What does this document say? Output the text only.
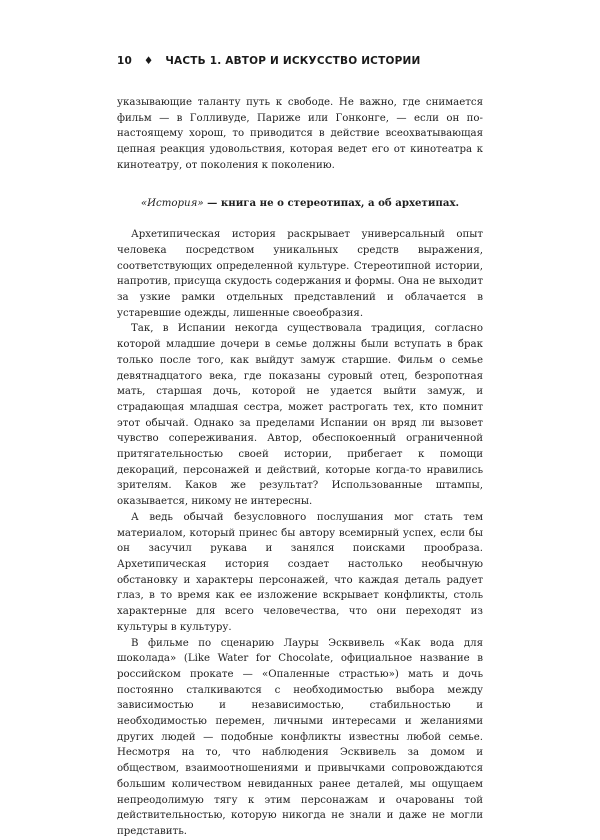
10 ♦ ЧАСТЬ 1. АВТОР И ИСКУССТВО ИСТОРИИ

указывающие таланту путь к свободе. Не важно, где снимается фильм — в Голливуде, Париже или Гонконге, — если он по-настоящему хорош, то приводится в действие всеохватывающая цепная реакция удовольствия, которая ведет его от кинотеатра к кинотеатру, от поколения к поколению.

«История» — книга не о стереотипах, а об архетипах.

Архетипическая история раскрывает универсальный опыт человека посредством уникальных средств выражения, соответствующих определенной культуре. Стереотипной истории, напротив, присуща скудость содержания и формы. Она не выходит за узкие рамки отдельных представлений и облачается в устаревшие одежды, лишенные своеобразия.

Так, в Испании некогда существовала традиция, согласно которой младшие дочери в семье должны были вступать в брак только после того, как выйдут замуж старшие. Фильм о семье девятнадцатого века, где показаны суровый отец, безропотная мать, старшая дочь, которой не удается выйти замуж, и страдающая младшая сестра, может растрогать тех, кто помнит этот обычай. Однако за пределами Испании он вряд ли вызовет чувство сопереживания. Автор, обеспокоенный ограниченной притягательностью своей истории, прибегает к помощи декораций, персонажей и действий, которые когда-то нравились зрителям. Каков же результат? Использованные штампы, оказывается, никому не интересны.

А ведь обычай безусловного послушания мог стать тем материалом, который принес бы автору всемирный успех, если бы он засучил рукава и занялся поисками прообраза. Архетипическая история создает настолько необычную обстановку и характеры персонажей, что каждая деталь радует глаз, в то время как ее изложение вскрывает конфликты, столь характерные для всего человечества, что они переходят из культуры в культуру.

В фильме по сценарию Лауры Эсквивель «Как вода для шоколада» (Like Water for Chocolate, официальное название в российском прокате — «Опаленные страстью») мать и дочь постоянно сталкиваются с необходимостью выбора между зависимостью и независимостью, стабильностью и необходимостью перемен, личными интересами и желаниями других людей — подобные конфликты известны любой семье. Несмотря на то, что наблюдения Эсквивель за домом и обществом, взаимоотношениями и привычками сопровождаются большим количеством невиданных ранее деталей, мы ощущаем непреодолимую тягу к этим персонажам и очарованы той действительностью, которую никогда не знали и даже не могли представить.
